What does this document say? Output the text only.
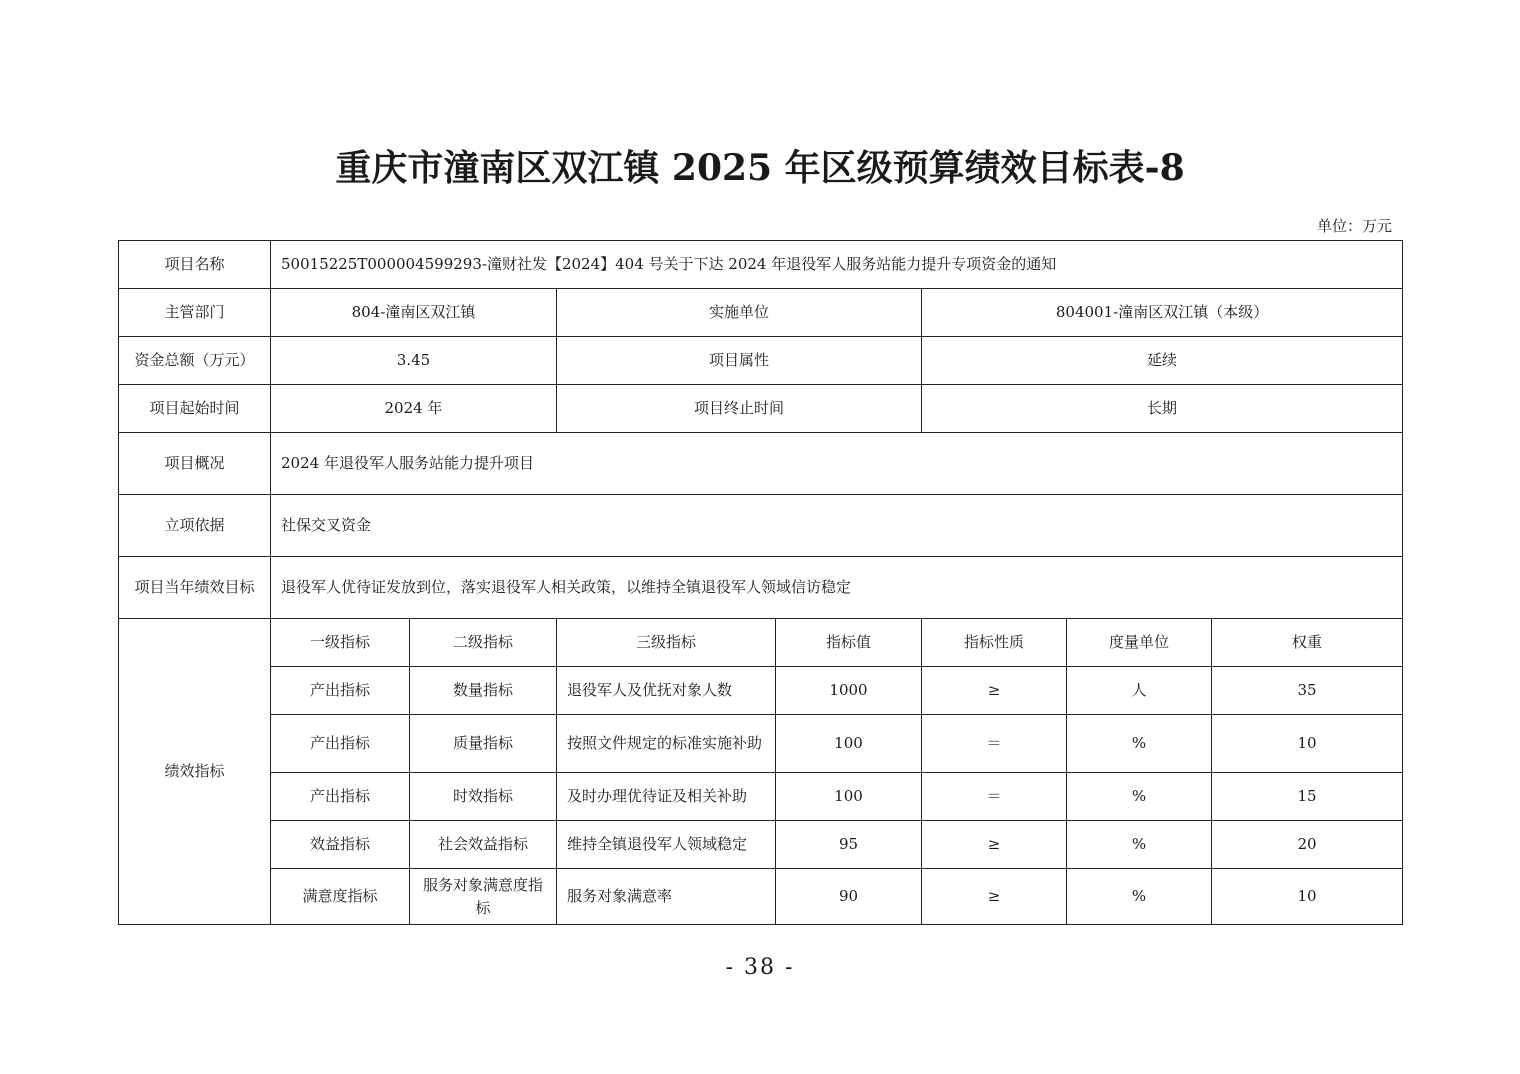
重庆市潼南区双江镇 2025 年区级预算绩效目标表-8
单位：万元
项目名称	50015225T000004599293-潼财社发【2024】404 号关于下达 2024 年退役军人服务站能力提升专项资金的通知						
主管部门	804-潼南区双江镇		实施单位		804001-潼南区双江镇（本级）		
资金总额（万元）	3.45		项目属性		延续		
项目起始时间	2024 年		项目终止时间		长期		
项目概况	2024 年退役军人服务站能力提升项目						
立项依据	社保交叉资金						
项目当年绩效目标	退役军人优待证发放到位，落实退役军人相关政策，以维持全镇退役军人领域信访稳定						
绩效指标	一级指标	二级指标	三级指标	指标值	指标性质	度量单位	权重
	产出指标	数量指标	退役军人及优抚对象人数	1000	≥	人	35
	产出指标	质量指标	按照文件规定的标准实施补助	100	＝	%	10
	产出指标	时效指标	及时办理优待证及相关补助	100	＝	%	15
	效益指标	社会效益指标	维持全镇退役军人领域稳定	95	≥	%	20
	满意度指标	服务对象满意度指标	服务对象满意率	90	≥	%	10
- 38 -
